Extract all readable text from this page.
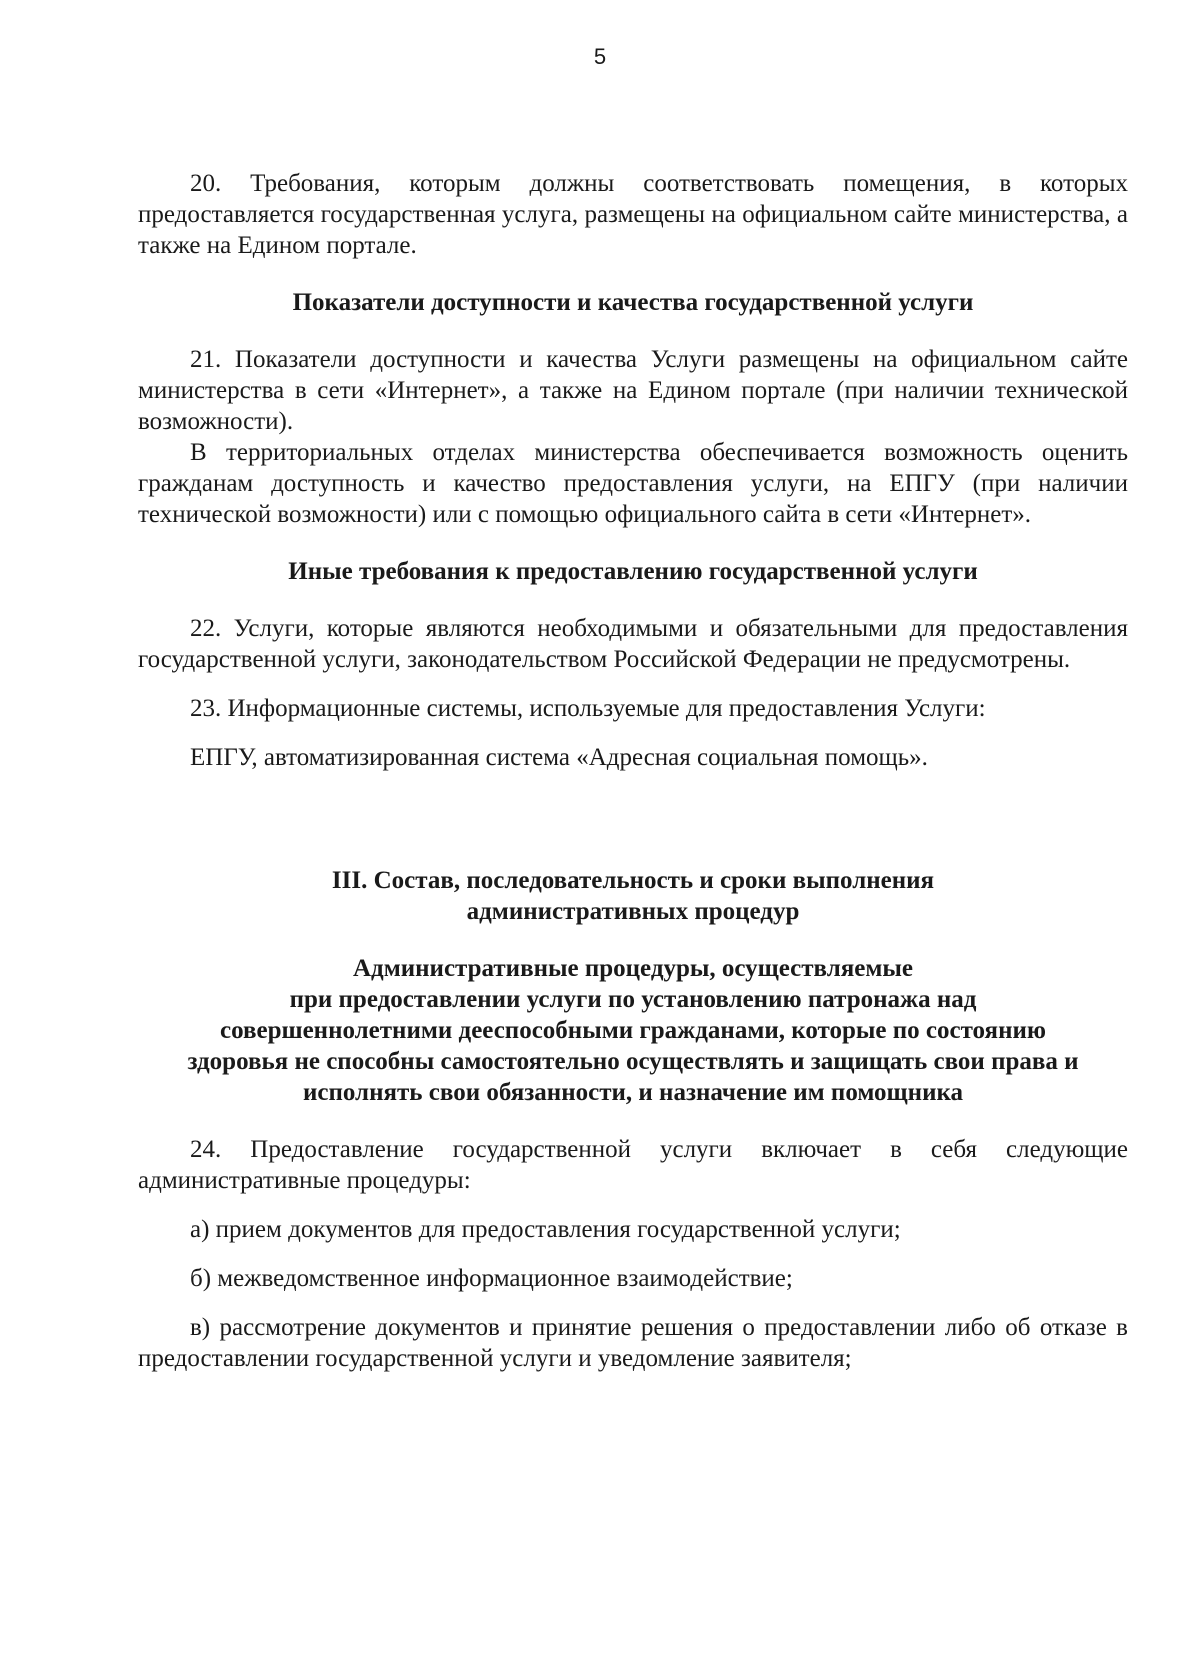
5

20. Требования, которым должны соответствовать помещения, в которых предоставляется государственная услуга, размещены на официальном сайте министерства, а также на Едином портале.

Показатели доступности и качества государственной услуги

21. Показатели доступности и качества Услуги размещены на официальном сайте министерства в сети «Интернет», а также на Едином портале (при наличии технической возможности).

В территориальных отделах министерства обеспечивается возможность оценить гражданам доступность и качество предоставления услуги, на ЕПГУ (при наличии технической возможности) или с помощью официального сайта в сети «Интернет».

Иные требования к предоставлению государственной услуги

22. Услуги, которые являются необходимыми и обязательными для предоставления государственной услуги, законодательством Российской Федерации не предусмотрены.

23. Информационные системы, используемые для предоставления Услуги:

ЕПГУ, автоматизированная система «Адресная социальная помощь».

III. Состав, последовательность и сроки выполнения

административных процедур

Административные процедуры, осуществляемые

при предоставлении услуги по установлению патронажа над

совершеннолетними дееспособными гражданами, которые по состоянию

здоровья не способны самостоятельно осуществлять и защищать свои права и

исполнять свои обязанности, и назначение им помощника

24. Предоставление государственной услуги включает в себя следующие административные процедуры:

а) прием документов для предоставления государственной услуги;

б) межведомственное информационное взаимодействие;

в) рассмотрение документов и принятие решения о предоставлении либо об отказе в предоставлении государственной услуги и уведомление заявителя;
